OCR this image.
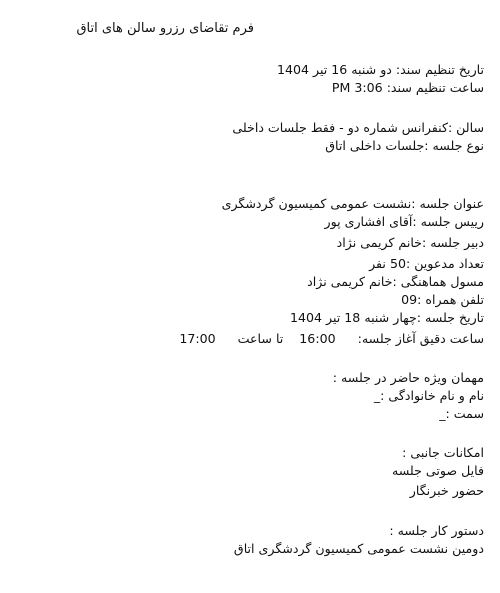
فرم تقاضای رزرو سالن های اتاق
تاریخ تنظیم سند: دو شنبه 16 تیر 1404
ساعت تنظیم سند: 3:06 PM
سالن :کنفرانس شماره دو - فقط جلسات داخلی
نوع جلسه :جلسات داخلی اتاق
عنوان جلسه :نشست عمومی کمیسیون گردشگری
رییس جلسه :آقای افشاری پور
دبیر جلسه :خانم کریمی نژاد
تعداد مدعوین :50 نفر
مسول هماهنگی :خانم کریمی نژاد
تلفن همراه :09
تاریخ جلسه :چهار شنبه 18 تیر 1404
ساعت دقیق آغاز جلسه:16:00تا ساعت17:00
مهمان ویژه حاضر در جلسه :
نام و نام خانوادگی :_
سمت :_
امکانات جانبی :
فایل صوتی جلسه
حضور خبرنگار
دستور کار جلسه :
دومین نشست عمومی کمیسیون گردشگری اتاق
